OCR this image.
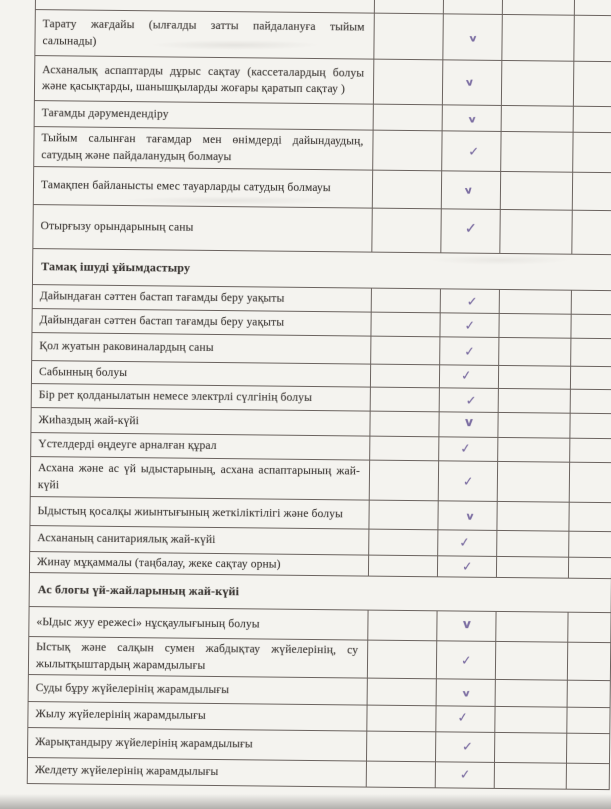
Тарату жағдайы (ылғалды затты пайдалануға тыйым салынады)		v		
Асханалық аспаптарды дұрыс сақтау (кассеталардың болуы және қасықтарды, шанышқыларды жоғары қаратып сақтау )		v		
Тағамды дәрумендендіру		v		
Тыйым салынған тағамдар мен өнімдерді дайындаудың, сатудың және пайдаланудың болмауы		✓		
Тамақпен байланысты емес тауарларды сатудың болмауы		v		
Отырғызу орындарының саны		✓		
Тамақ ішуді ұйымдастыру				
Дайындаған сәттен бастап тағамды беру уақыты		✓		
Дайындаған сәттен бастап тағамды беру уақыты		✓		
Қол жуатын раковиналардың саны		✓		
Сабынның болуы		✓		
Бір рет қолданылатын немесе электрлі сүлгінің болуы		✓		
Жиһаздың жай-күйі		v		
Үстелдерді өңдеуге арналған құрал		✓		
Асхана және ас үй ыдыстарының, асхана аспаптарының жай-күйі		✓		
Ыдыстың қосалқы жиынтығының жеткіліктілігі және болуы		v		
Асхананың санитариялық жай-күйі		✓		
Жинау мұқаммалы (таңбалау, жеке сақтау орны)		✓		
Ас блогы үй-жайларының жай-күйі				
«Ыдыс жуу ережесі» нұсқаулығының болуы		v		
Ыстық және салқын сумен жабдықтау жүйелерінің, су жылытқыштардың жарамдылығы		✓		
Суды бұру жүйелерінің жарамдылығы		v		
Жылу жүйелерінің жарамдылығы		✓		
Жарықтандыру жүйелерінің жарамдылығы		✓		
Желдету жүйелерінің жарамдылығы		✓		
